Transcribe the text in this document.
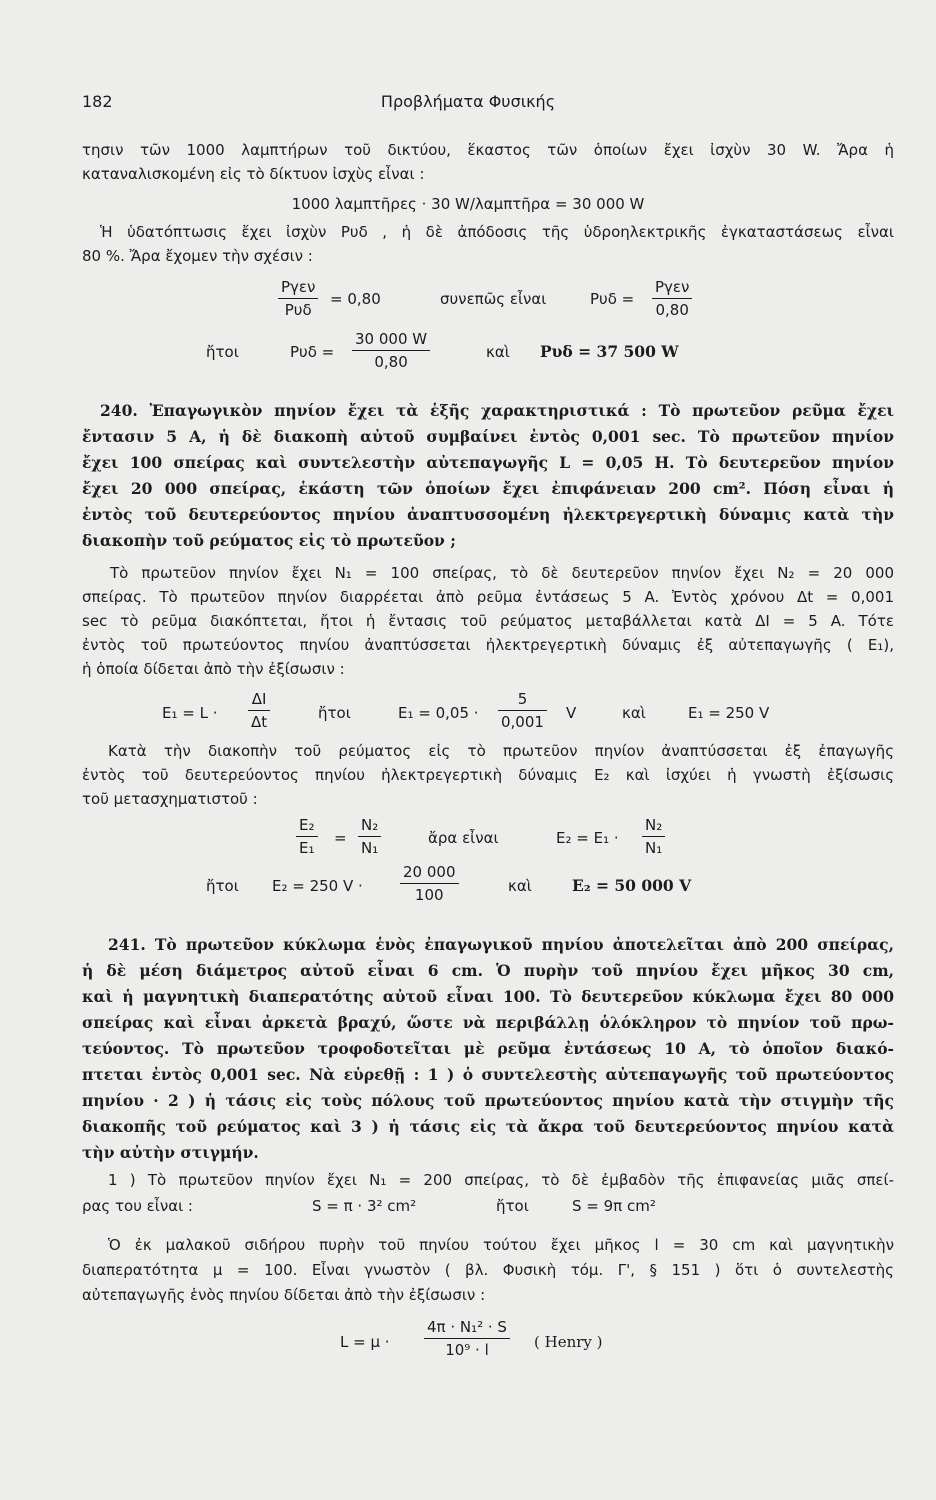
182	Προβλήματα Φυσικής
τησιν τῶν 1000 λαμπτήρων τοῦ δικτύου, ἕκαστος τῶν ὁποίων ἔχει ἰσχὺν 30 W. Ἄρα ἡ
καταναλισκομένη εἰς τὸ δίκτυον ἰσχὺς εἶναι :
1000 λαμπτῆρες · 30 W/λαμπτῆρα = 30 000 W
Ἡ ὑδατόπτωσις ἔχει ἰσχὺν Pυδ , ἡ δὲ ἀπόδοσις τῆς ὑδροηλεκτρικῆς ἐγκαταστάσεως εἶναι
80 %. Ἄρα ἔχομεν τὴν σχέσιν :
Pγεν
Pυδ
= 0,80	συνεπῶς εἶναι	Pυδ =
Pγεν
0,80
ἤτοι	$P\upsilon\delta = \frac{30 000 W}{0,80}$	καὶ Pυδ = 37 500 W
240. Ἐπαγωγικὸν πηνίον ἔχει τὰ ἑξῆς χαρακτηριστικά : Τὸ πρωτεῦον ρεῦμα ἔχει
ἔντασιν 5 A, ἡ δὲ διακοπὴ αὐτοῦ συμβαίνει ἐντὸς 0,001 sec. Τὸ πρωτεῦον πηνίον
ἔχει 100 σπείρας καὶ συντελεστὴν αὐτεπαγωγῆς L = 0,05 H. Τὸ δευτερεῦον πηνίον
ἔχει 20 000 σπείρας, ἑκάστη τῶν ὁποίων ἔχει ἐπιφάνειαν 200 cm². Πόση εἶναι ἡ
ἐντὸς τοῦ δευτερεύοντος πηνίου ἀναπτυσσομένη ἠλεκτρεγερτικὴ δύναμις κατὰ τὴν
διακοπὴν τοῦ ρεύματος εἰς τὸ πρωτεῦον ;
Τὸ πρωτεῦον πηνίον ἔχει N₁ = 100 σπείρας, τὸ δὲ δευτερεῦον πηνίον ἔχει N₂ = 20 000
σπείρας. Τὸ πρωτεῦον πηνίον διαρρέεται ἀπὸ ρεῦμα ἐντάσεως 5 A. Ἐντὸς χρόνου Δt = 0,001
sec τὸ ρεῦμα διακόπτεται, ἤτοι ἡ ἔντασις τοῦ ρεύματος μεταβάλλεται κατὰ ΔI = 5 A. Τότε
ἐντὸς τοῦ πρωτεύοντος πηνίου ἀναπτύσσεται ἠλεκτρεγερτικὴ δύναμις ἐξ αὐτεπαγωγῆς ( E₁),
ἡ ὁποία δίδεται ἀπὸ τὴν ἐξίσωσιν :
$E_1 = L \cdot \frac{\Delta I}{\Delta t}$	ἤτοι	$E_1 = 0,05 \cdot \frac{5}{0,001}$ V	καὶ	E₁ = 250 V
Κατὰ τὴν διακοπὴν τοῦ ρεύματος εἰς τὸ πρωτεῦον πηνίον ἀναπτύσσεται ἐξ ἐπαγωγῆς
ἐντὸς τοῦ δευτερεύοντος πηνίου ἠλεκτρεγερτικὴ δύναμις E₂ καὶ ἰσχύει ἡ γνωστὴ ἐξίσωσις
τοῦ μετασχηματιστοῦ :
$\frac{\text{E₂}}{\text{E₁}} = \frac{\text{N₂}}{\text{N₁}}$	ἄρα εἶναι	$E_2 = E_1 \cdot \frac{\text{N₂}}{\text{N₁}}$
ἤτοι E₂ = 250 $V \cdot \frac{20 000}{100}$	καὶ	E₂ = 50 000 V
241. Τὸ πρωτεῦον κύκλωμα ἑνὸς ἐπαγωγικοῦ πηνίου ἀποτελεῖται ἀπὸ 200 σπείρας,
ἡ δὲ μέση διάμετρος αὐτοῦ εἶναι 6 cm. Ὁ πυρὴν τοῦ πηνίου ἔχει μῆκος 30 cm,
καὶ ἡ μαγνητικὴ διαπερατότης αὐτοῦ εἶναι 100. Τὸ δευτερεῦον κύκλωμα ἔχει 80 000
σπείρας καὶ εἶναι ἀρκετὰ βραχύ, ὥστε νὰ περιβάλλῃ ὁλόκληρον τὸ πηνίον τοῦ πρω-
τεύοντος. Τὸ πρωτεῦον τροφοδοτεῖται μὲ ρεῦμα ἐντάσεως 10 A, τὸ ὁποῖον διακό-
πτεται ἐντὸς 0,001 sec. Νὰ εὑρεθῇ : 1 ) ὁ συντελεστὴς αὐτεπαγωγῆς τοῦ πρωτεύοντος
πηνίου · 2 ) ἡ τάσις εἰς τοὺς πόλους τοῦ πρωτεύοντος πηνίου κατὰ τὴν στιγμὴν τῆς
διακοπῆς τοῦ ρεύματος καὶ 3 ) ἡ τάσις εἰς τὰ ἄκρα τοῦ δευτερεύοντος πηνίου κατὰ
τὴν αὐτὴν στιγμήν.
1 ) Τὸ πρωτεῦον πηνίον ἔχει N₁ = 200 σπείρας, τὸ δὲ ἐμβαδὸν τῆς ἐπιφανείας μιᾶς σπεί-
ρας του εἶναι :	S = π · 3² cm²	ἤτοι	S = 9π cm²
Ὁ ἐκ μαλακοῦ σιδήρου πυρὴν τοῦ πηνίου τούτου ἔχει μῆκος l = 30 cm καὶ μαγνητικὴν
διαπερατότητα μ = 100. Εἶναι γνωστὸν ( βλ. Φυσικὴ τόμ. Γ', § 151 ) ὅτι ὁ συντελεστὴς
αὐτεπαγωγῆς ἑνὸς πηνίου δίδεται ἀπὸ τὴν ἐξίσωσιν :
$L = \mu \cdot \frac{\text{4π · N₁² · S}}{\text{10⁹ · l}}$ ( Henry )
